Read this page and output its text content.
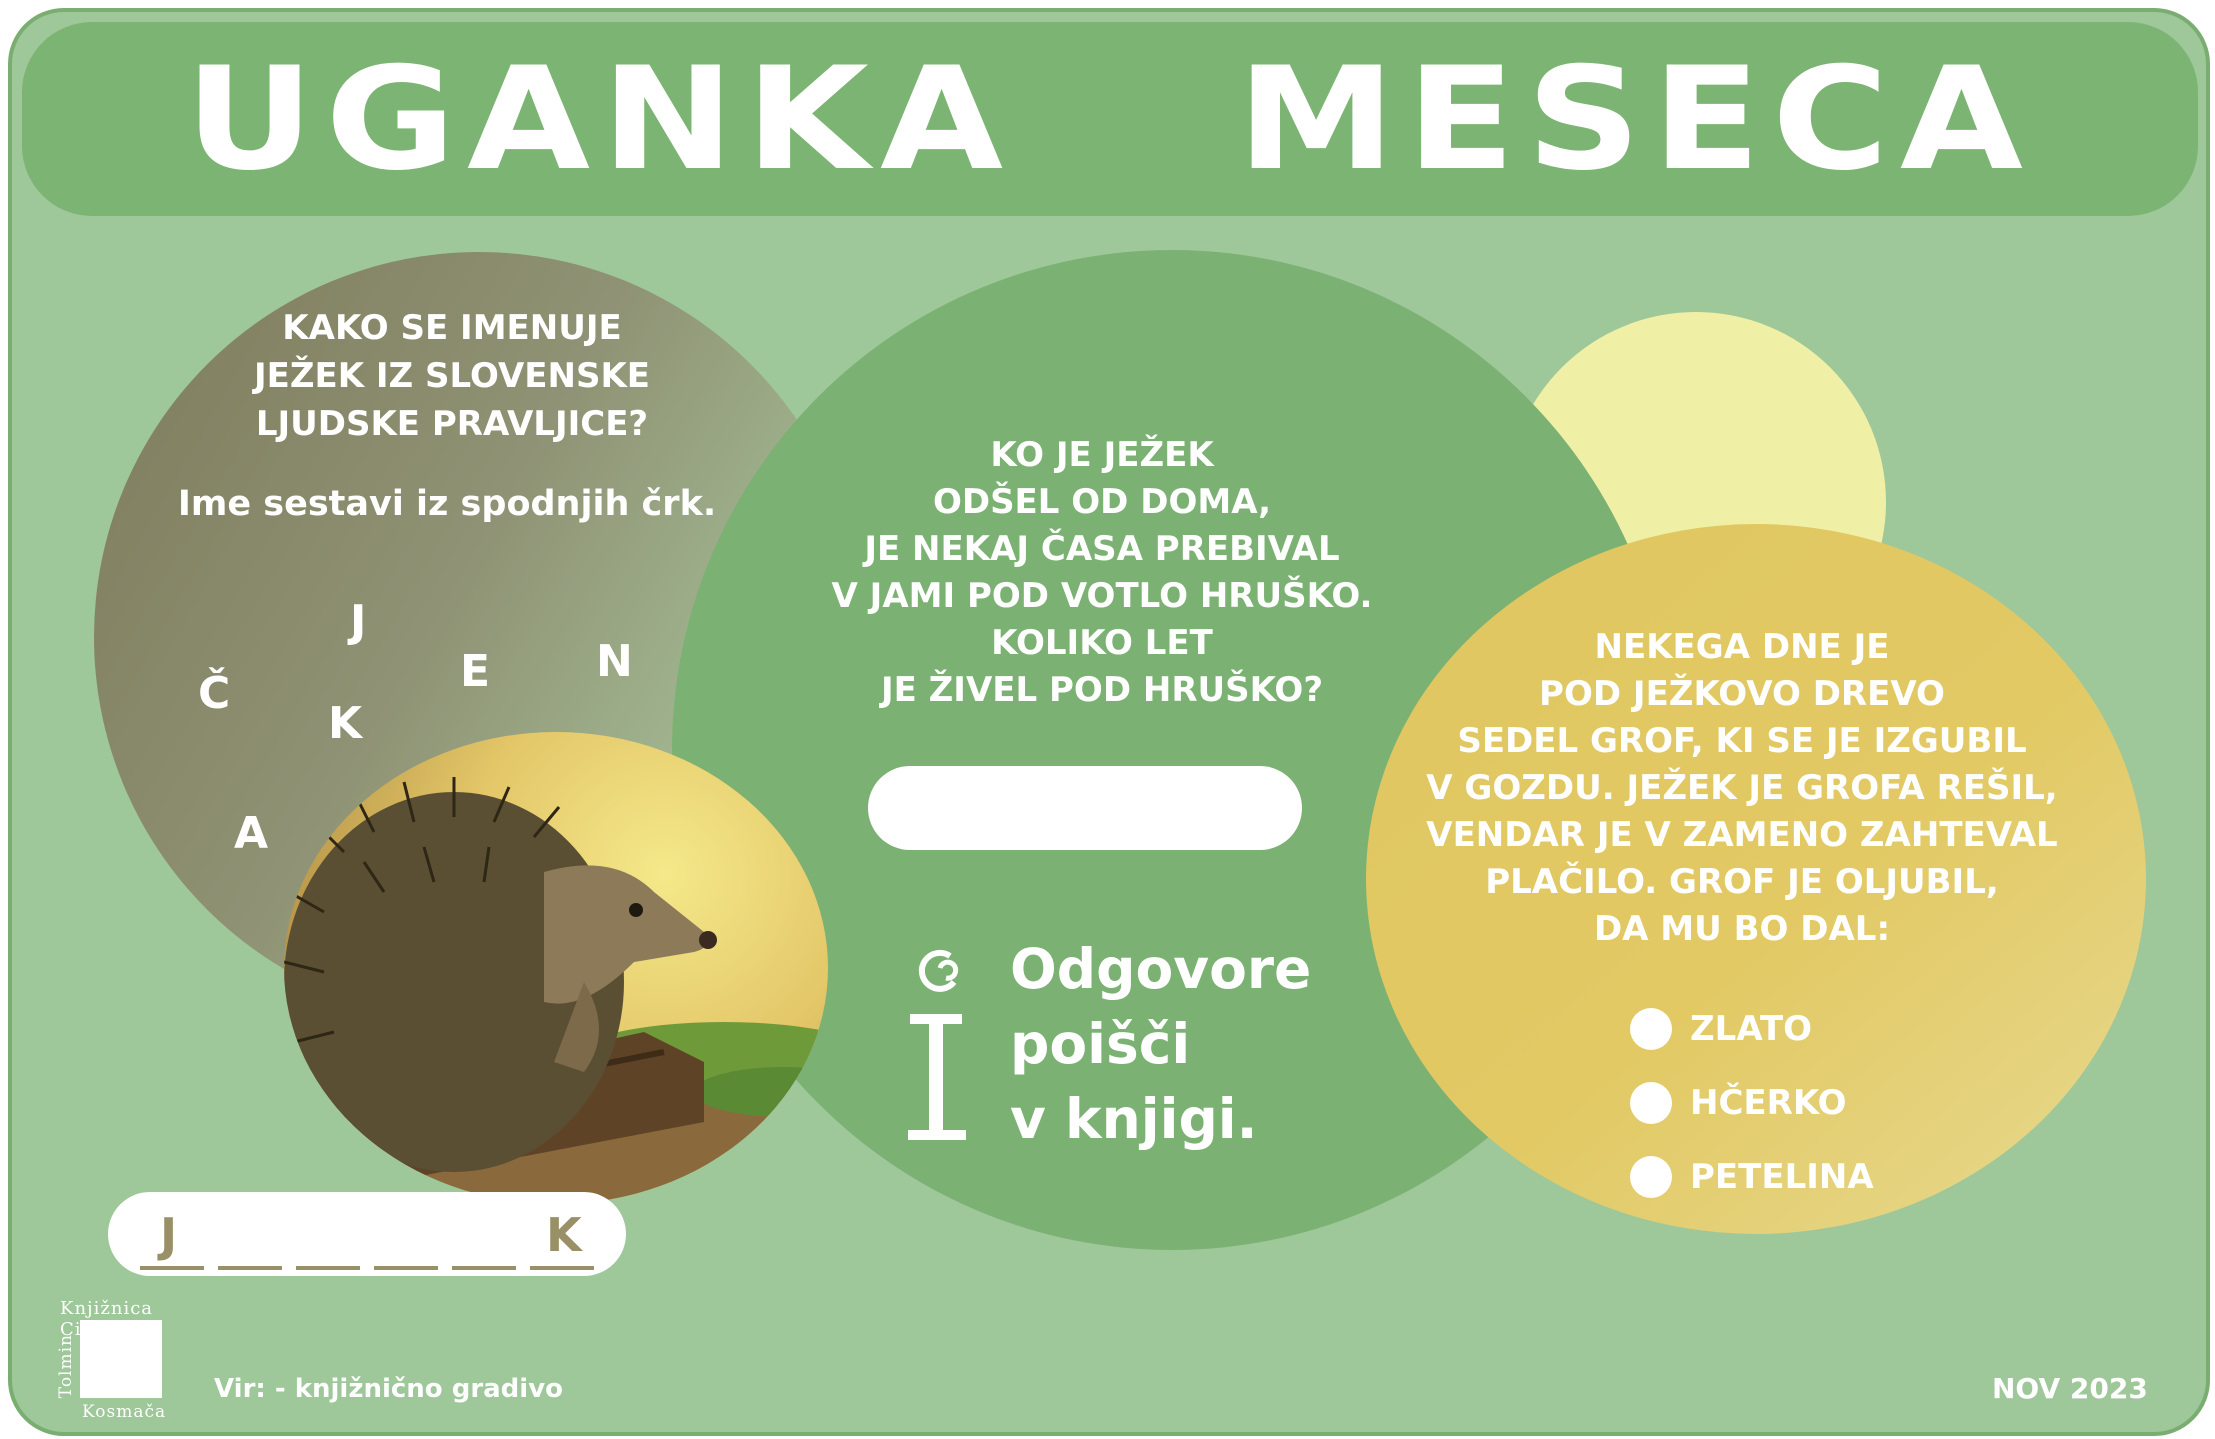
UGANKA  MESECA
KAKO SE IMENUJE
JEŽEK IZ SLOVENSKE
LJUDSKE PRAVLJICE?
Ime sestavi iz spodnjih črk.
J
E N
Č
K
A
J	K
KO JE JEŽEK
ODŠEL OD DOMA,
JE NEKAJ ČASA PREBIVAL
V JAMI POD VOTLO HRUŠKO.
KOLIKO LET
JE ŽIVEL POD HRUŠKO?
Odgovore
poišči
v knjigi.
NEKEGA DNE JE
POD JEŽKOVO DREVO
SEDEL GROF, KI SE JE IZGUBIL
V GOZDU. JEŽEK JE GROFA REŠIL,
VENDAR JE V ZAMENO ZAHTEVAL
PLAČILO. GROF JE OLJUBIL,
DA MU BO DAL:
ZLATO
HČERKO
PETELINA
Knjižnica Cirila
Kosmača
Tolmin	Vir: - knjižnično gradivo	NOV 2023
